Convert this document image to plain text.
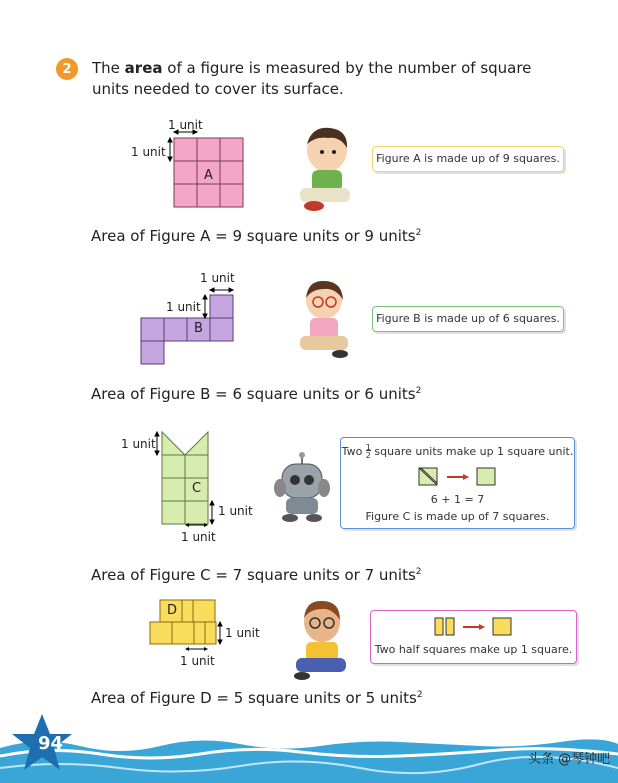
2 The area of a figure is measured by the number of square units needed to cover its surface.
1 unit
1 unit
A
Figure A is made up of 9 squares.
Area of Figure A = 9 square units or 9 units$^2$
1 unit
1 unit
B
Figure B is made up of 6 squares.
Area of Figure B = 6 square units or 6 units$^2$
1 unit
1 unit
1 unit
C
Two $\frac{1}{2}$ square units make up 1 square unit.
6 + 1 = 7
Figure C is made up of 7 squares.
Area of Figure C = 7 square units or 7 units$^2$
1 unit
1 unit
D
Two half squares make up 1 square.
Area of Figure D = 5 square units or 5 units$^2$
94
头条 @琴钟吧
